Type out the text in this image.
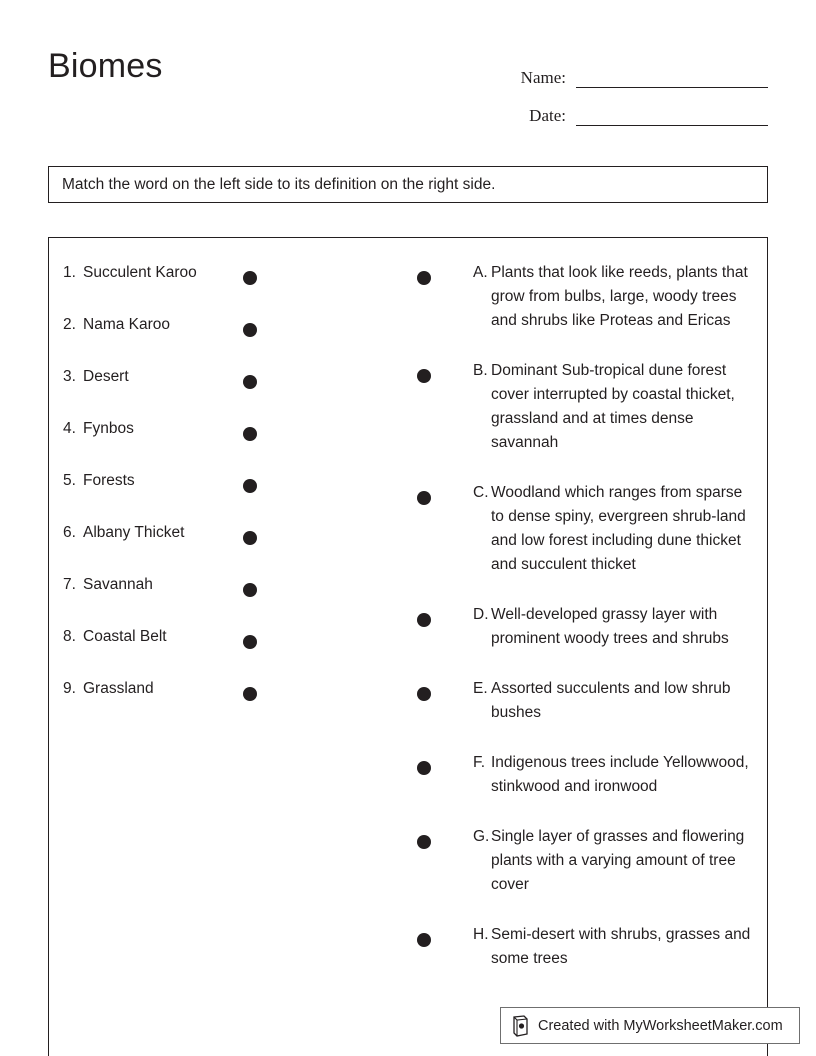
Biomes	Name:
Date:
Match the word on the left side to its definition on the right side.
1. Succulent Karoo
2. Nama Karoo
3. Desert
4. Fynbos
5. Forests
6. Albany Thicket
7. Savannah
8. Coastal Belt
9. Grassland
A. Plants that look like reeds, plants that grow from bulbs, large, woody trees and shrubs like Proteas and Ericas
B. Dominant Sub-tropical dune forest cover interrupted by coastal thicket, grassland and at times dense savannah
C. Woodland which ranges from sparse to dense spiny, evergreen shrub-land and low forest including dune thicket and succulent thicket
D. Well-developed grassy layer with prominent woody trees and shrubs
E. Assorted succulents and low shrub bushes
F. Indigenous trees include Yellowwood, stinkwood and ironwood
G. Single layer of grasses and flowering plants with a varying amount of tree cover
H. Semi-desert with shrubs, grasses and some trees
Created with MyWorksheetMaker.com
